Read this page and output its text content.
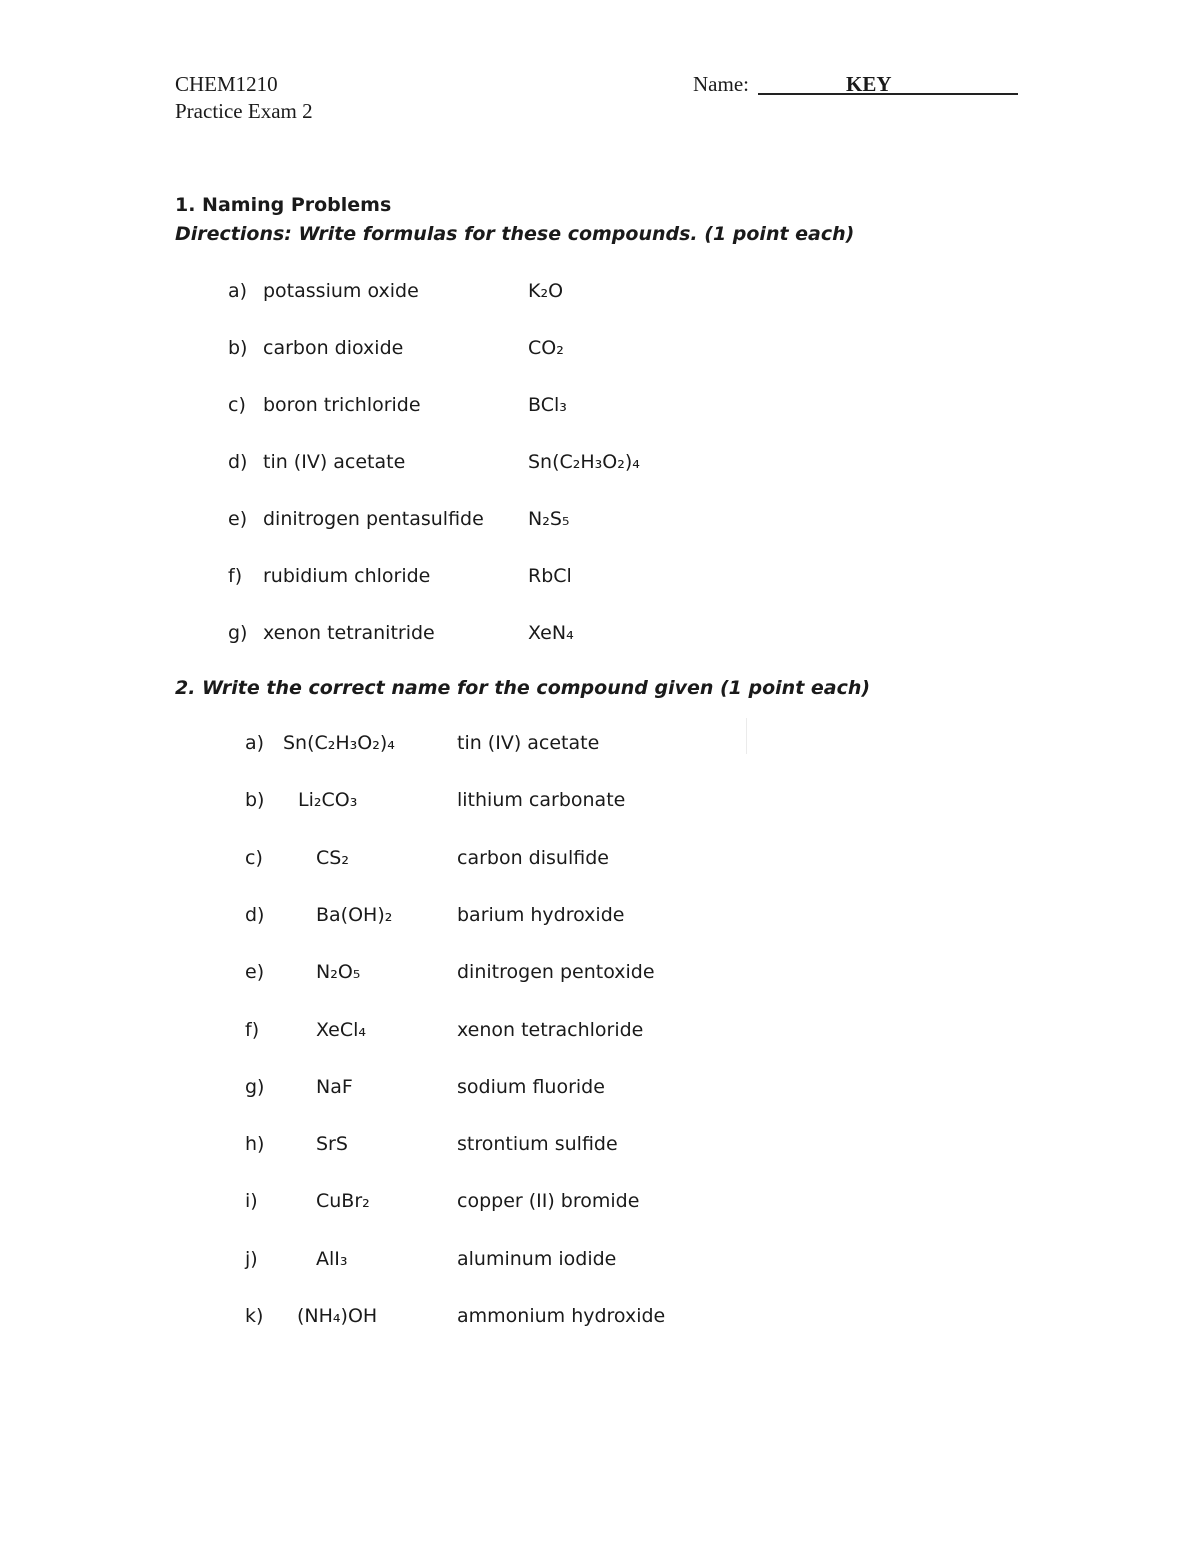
CHEM1210
Practice Exam 2
Name:	KEY
1. Naming Problems
Directions: Write formulas for these compounds. (1 point each)
a) potassium oxide	K₂O
b) carbon dioxide	CO₂
c) boron trichloride	BCl₃
d) tin (IV) acetate	Sn(C₂H₃O₂)₄
e) dinitrogen pentasulfide N₂S₅
f) rubidium chloride	RbCl
g) xenon tetranitride	XeN₄
2. Write the correct name for the compound given (1 point each)
a) Sn(C₂H₃O₂)₄	tin (IV) acetate
b) Li₂CO₃	lithium carbonate
c)	CS₂	carbon disulfide
d)	Ba(OH)₂	barium hydroxide
e)	N₂O₅	dinitrogen pentoxide
f)	XeCl₄	xenon tetrachloride
g)	NaF	sodium fluoride
h)	SrS	strontium sulfide
i)	CuBr₂	copper (II) bromide
j)	AlI₃	aluminum iodide
k) (NH₄)OH	ammonium hydroxide
